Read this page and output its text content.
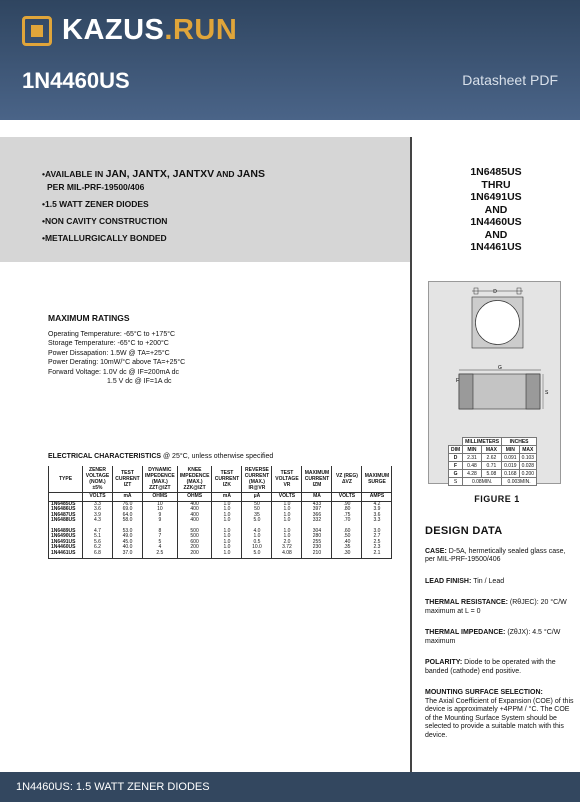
KAZUS.RUN
1N4460US	Datasheet PDF
•AVAILABLE IN JAN, JANTX, JANTXV AND JANS
PER MIL-PRF-19500/406
•1.5 WATT ZENER DIODES
•NON CAVITY CONSTRUCTION
•METALLURGICALLY BONDED
MAXIMUM RATINGS
Operating Temperature: -65°C to +175°C
Storage Temperature: -65°C to +200°C
Power Dissapation: 1.5W @ TA=+25°C
Power Derating: 10mW/°C above TA=+25°C
Forward Voltage: 1.0V dc @ IF=200mA dc
1.5 V dc @ IF=1A dc
ELECTRICAL CHARACTERISTICS @ 25°C, unless otherwise specified
TYPE	ZENER VOLTAGE (NOM.) ±5%	TEST CURRENT IZT	DYNAMIC IMPEDENCE (MAX.) ZZT@IZT	KNEE IMPEDENCE (MAX.) ZZK@IZT	TEST CURRENT IZK	REVERSE CURRENT (MAX.) IR@VR	TEST VOLTAGE VR	MAXIMUM CURRENT IZM	VZ (REG) ΔVZ	MAXIMUM SURGE
	VOLTS	mA	OHMS	OHMS	mA	µA	VOLTS	MA	VOLTS	AMPS
1N6485US	3.3	76.0	10	400	1.0	50	1.0	433	.90	4.2
1N6486US	3.6	69.0	10	400	1.0	50	1.0	397	.80	3.9
1N6487US	3.9	64.0	9	400	1.0	35	1.0	366	.75	3.6
1N6488US	4.3	58.0	9	400	1.0	5.0	1.0	332	.70	3.3

1N6489US	4.7	53.0	8	500	1.0	4.0	1.0	304	.60	3.0
1N6490US	5.1	49.0	7	500	1.0	1.0	1.0	280	.50	2.7
1N6491US	5.6	45.0	5	600	1.0	0.5	2.0	255	.40	2.5
1N4460US	6.2	40.0	4	200	1.0	10.0	3.72	230	.35	2.3
1N4461US	6.8	37.0	2.5	200	1.0	5.0	4.08	210	.30	2.1

1N6485US
THRU
1N6491US
AND
1N4460US
AND
1N4461US
D
G
F
S
	MILLIMETERS		INCHES	
DIM	MIN	MAX	MIN	MAX
D	2.31	2.62	0.091	0.103
F	0.48	0.71	0.019	0.028
G	4.28	5.08	0.168	0.200
S	0.08MIN.		0.003MIN.	
FIGURE 1
DESIGN DATA

CASE: D-5A, hermetically sealed glass case, per MIL-PRF-19500/406

LEAD FINISH: Tin / Lead

THERMAL RESISTANCE: (RθJEC): 20 °C/W maximum at L = 0

THERMAL IMPEDANCE: (ZθJX): 4.5 °C/W maximum

POLARITY: Diode to be operated with the banded (cathode) end positive.

MOUNTING SURFACE SELECTION:
The Axial Coefficient of Expansion (COE) of this device is approximately +4PPM / °C. The COE of the Mounting Surface System should be selected to provide a suitable match with this device.

1N4460US: 1.5 WATT ZENER DIODES
